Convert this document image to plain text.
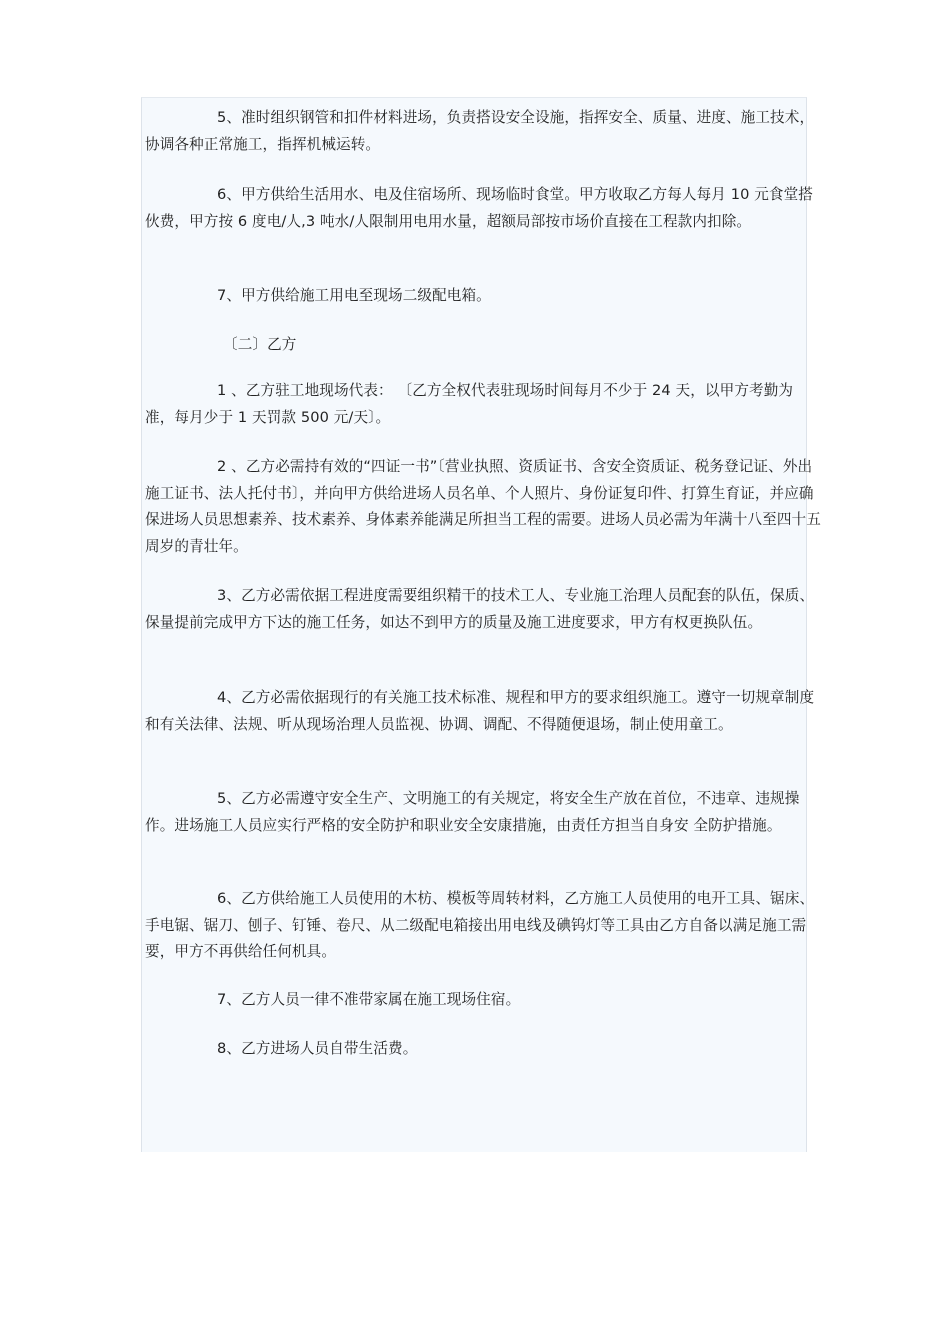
5、准时组织钢管和扣件材料进场，负责搭设安全设施，指挥安全、质量、进度、施工技术，协调各种正常施工，指挥机械运转。

6、甲方供给生活用水、电及住宿场所、现场临时食堂。甲方收取乙方每人每月 10 元食堂搭伙费，甲方按 6 度电/人,3 吨水/人限制用电用水量，超额局部按市场价直接在工程款内扣除。

7、甲方供给施工用电至现场二级配电箱。

〔二〕乙方

1 、乙方驻工地现场代表： 〔乙方全权代表驻现场时间每月不少于 24 天，以甲方考勤为准，每月少于 1 天罚款 500 元/天〕。

2 、乙方必需持有效的“四证一书”〔营业执照、资质证书、含安全资质证、税务登记证、外出施工证书、法人托付书〕，并向甲方供给进场人员名单、个人照片、身份证复印件、打算生育证，并应确保进场人员思想素养、技术素养、身体素养能满足所担当工程的需要。进场人员必需为年满十八至四十五周岁的青壮年。

3、乙方必需依据工程进度需要组织精干的技术工人、专业施工治理人员配套的队伍，保质、保量提前完成甲方下达的施工任务，如达不到甲方的质量及施工进度要求，甲方有权更换队伍。

4、乙方必需依据现行的有关施工技术标准、规程和甲方的要求组织施工。遵守一切规章制度和有关法律、法规、听从现场治理人员监视、协调、调配、不得随便退场，制止使用童工。

5、乙方必需遵守安全生产、文明施工的有关规定，将安全生产放在首位，不违章、违规操作。进场施工人员应实行严格的安全防护和职业安全安康措施，由责任方担当自身安 全防护措施。

6、乙方供给施工人员使用的木枋、模板等周转材料，乙方施工人员使用的电开工具、锯床、手电锯、锯刀、刨子、钉锤、卷尺、从二级配电箱接出用电线及碘钨灯等工具由乙方自备以满足施工需要，甲方不再供给任何机具。

7、乙方人员一律不准带家属在施工现场住宿。

8、乙方进场人员自带生活费。
